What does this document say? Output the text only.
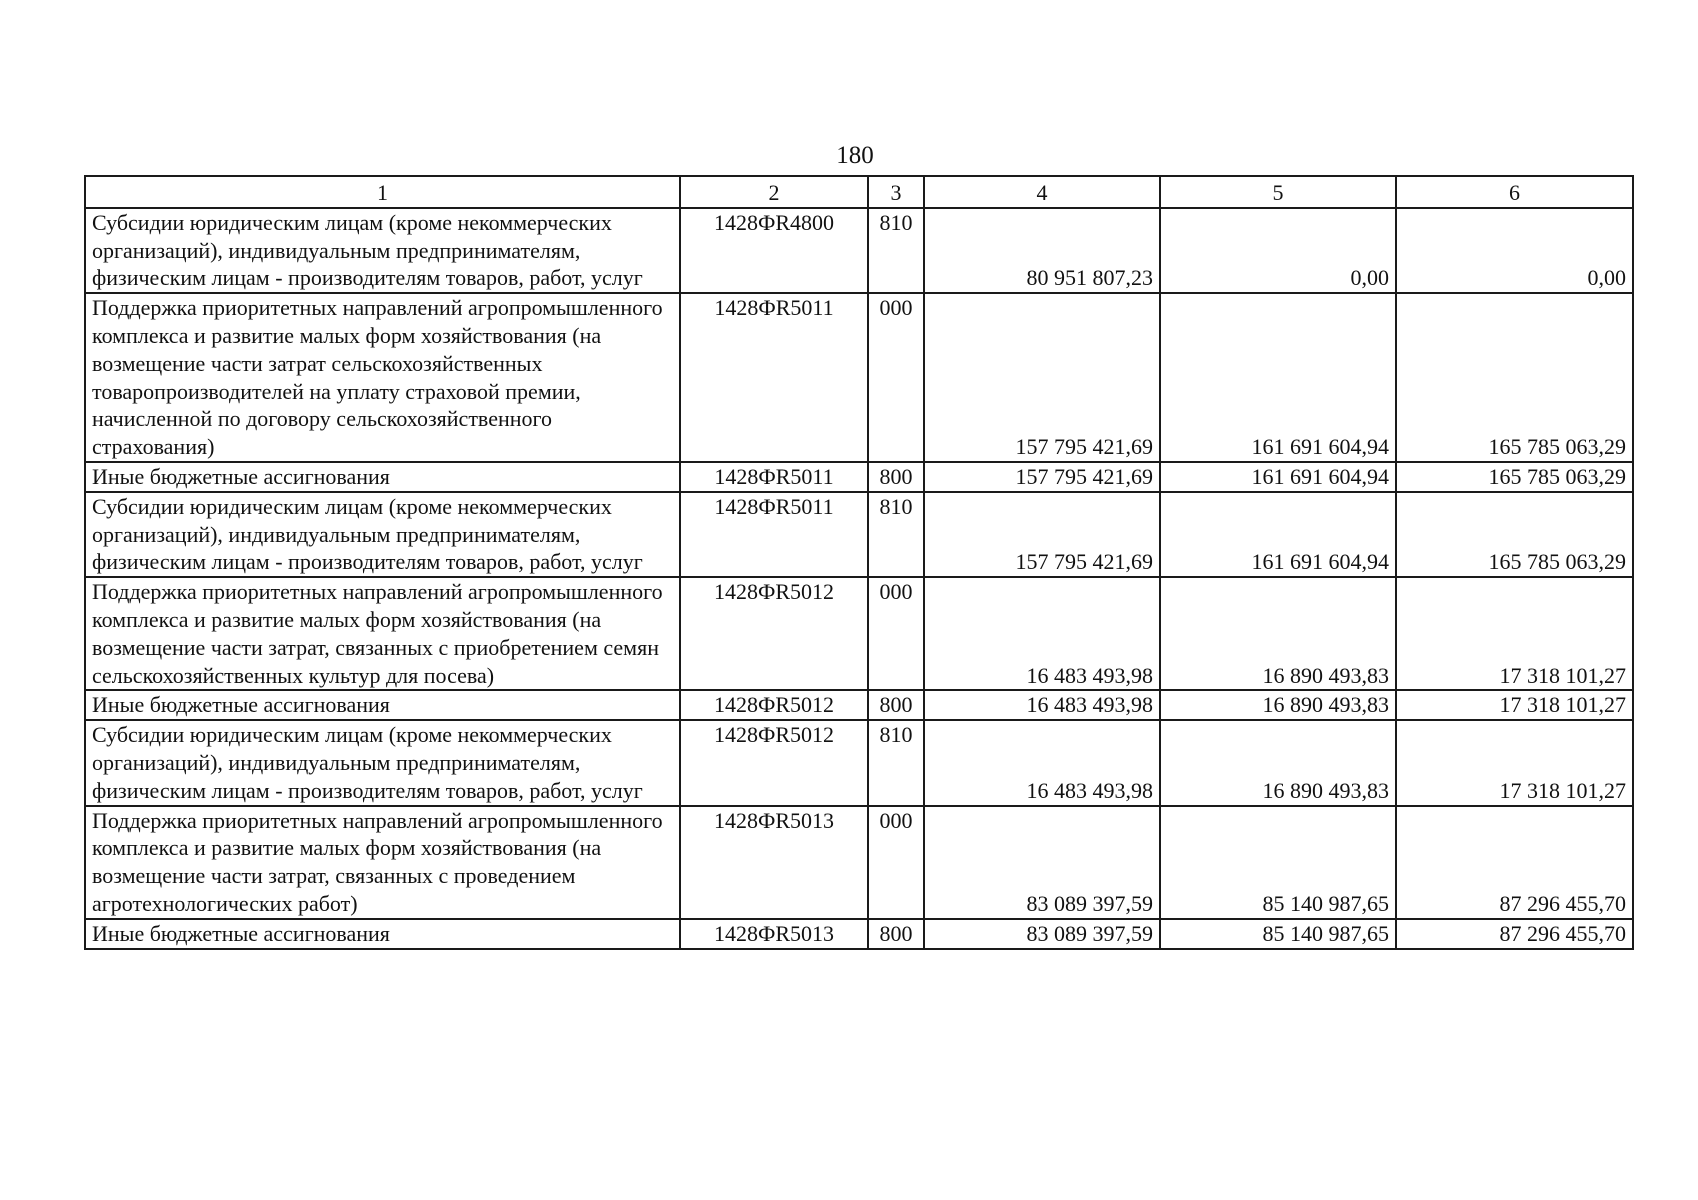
180
1	2	3	4	5	6
Субсидии юридическим лицам (кроме некоммерческих организаций), индивидуальным предпринимателям, физическим лицам - производителям товаров, работ, услуг	1428ФR4800	810	80 951 807,23	0,00	0,00
Поддержка приоритетных направлений агропромышленного комплекса и развитие малых форм хозяйствования (на возмещение части затрат сельскохозяйственных товаропроизводителей на уплату страховой премии, начисленной по договору сельскохозяйственного страхования)	1428ФR5011	000	157 795 421,69	161 691 604,94	165 785 063,29
Иные бюджетные ассигнования	1428ФR5011	800	157 795 421,69	161 691 604,94	165 785 063,29
Субсидии юридическим лицам (кроме некоммерческих организаций), индивидуальным предпринимателям, физическим лицам - производителям товаров, работ, услуг	1428ФR5011	810	157 795 421,69	161 691 604,94	165 785 063,29
Поддержка приоритетных направлений агропромышленного комплекса и развитие малых форм хозяйствования (на возмещение части затрат, связанных с приобретением семян сельскохозяйственных культур для посева)	1428ФR5012	000	16 483 493,98	16 890 493,83	17 318 101,27
Иные бюджетные ассигнования	1428ФR5012	800	16 483 493,98	16 890 493,83	17 318 101,27
Субсидии юридическим лицам (кроме некоммерческих организаций), индивидуальным предпринимателям, физическим лицам - производителям товаров, работ, услуг	1428ФR5012	810	16 483 493,98	16 890 493,83	17 318 101,27
Поддержка приоритетных направлений агропромышленного комплекса и развитие малых форм хозяйствования (на возмещение части затрат, связанных с проведением агротехнологических работ)	1428ФR5013	000	83 089 397,59	85 140 987,65	87 296 455,70
Иные бюджетные ассигнования	1428ФR5013	800	83 089 397,59	85 140 987,65	87 296 455,70
